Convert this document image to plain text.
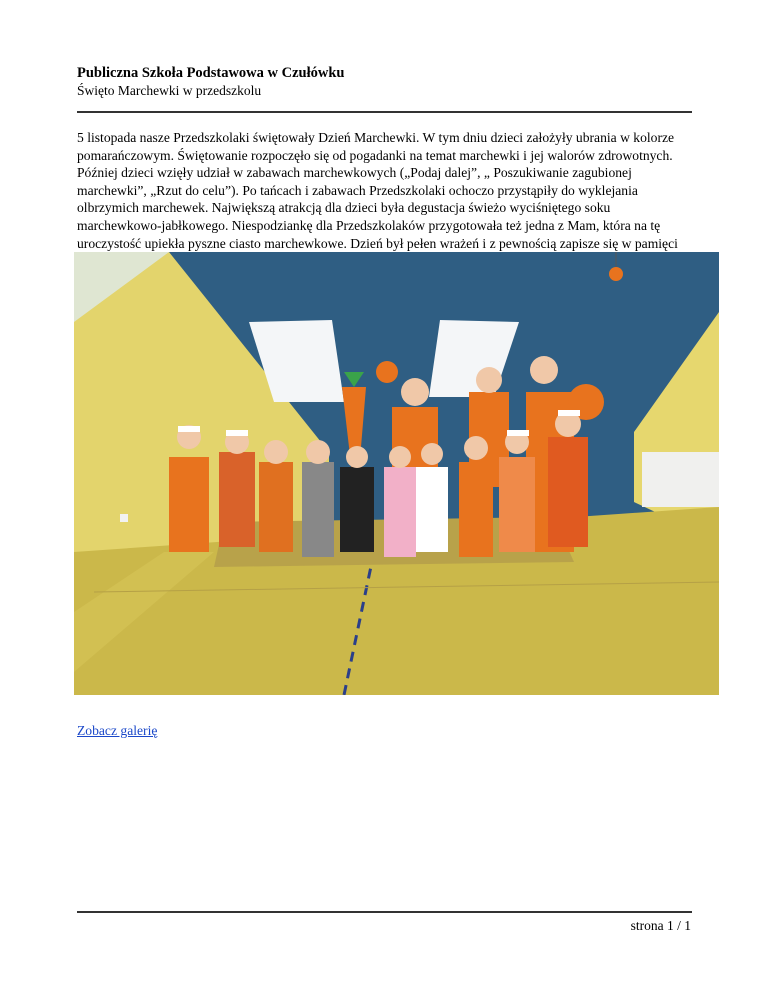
Publiczna Szkoła Podstawowa w Czułówku
Święto Marchewki w przedszkolu
5 listopada nasze Przedszkolaki świętowały Dzień Marchewki. W tym dniu dzieci założyły ubrania w kolorze pomarańczowym. Świętowanie rozpoczęło się od pogadanki na temat marchewki i jej walorów zdrowotnych. Później dzieci wzięły udział w zabawach marchewkowych („Podaj dalej”, „ Poszukiwanie zagubionej marchewki”, „Rzut do celu”). Po tańcach i zabawach Przedszkolaki ochoczo przystąpiły do wyklejania olbrzymich marchewek. Największą atrakcją dla dzieci była degustacja świeżo wyciśniętego soku marchewkowo-jabłkowego. Niespodziankę dla Przedszkolaków przygotowała też jedna z Mam, która na tę uroczystość upiekła pyszne ciasto marchewkowe. Dzień był pełen wrażeń i z pewnością zapisze się w pamięci
Zobacz galerię
strona 1 / 1
